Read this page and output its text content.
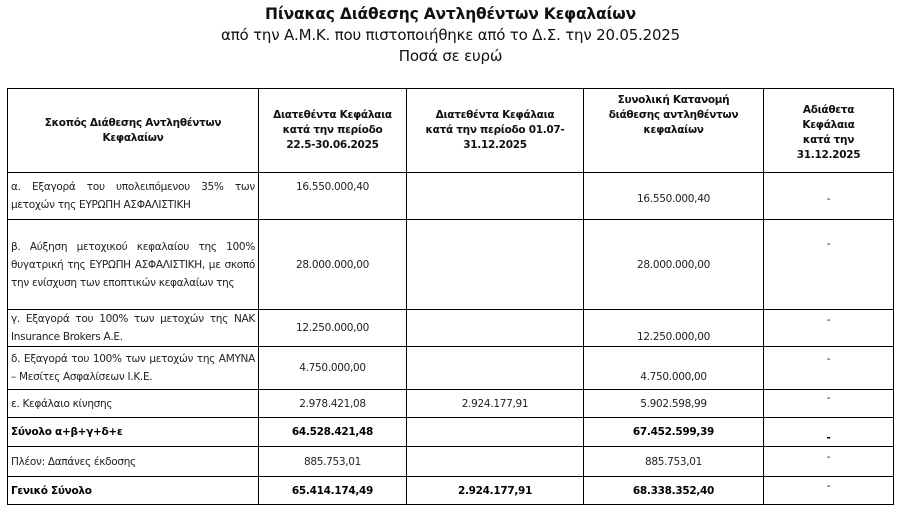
Πίνακας Διάθεσης Αντληθέντων Κεφαλαίων
από την Α.Μ.Κ. που πιστοποιήθηκε από το Δ.Σ. την 20.05.2025
Ποσά σε ευρώ
Σκοπός Διάθεσης Αντληθέντων Κεφαλαίων	Διατεθέντα Κεφάλαια κατά την περίοδο 22.5-30.06.2025	Διατεθέντα Κεφάλαια κατά την περίοδο 01.07-31.12.2025	Συνολική Κατανομή διάθεσης αντληθέντων κεφαλαίων	Αδιάθετα Κεφάλαια κατά την 31.12.2025
α. Εξαγορά του υπολειπόμενου 35% των μετοχών της ΕΥΡΩΠΗ ΑΣΦΑΛΙΣΤΙΚΗ	16.550.000,40		16.550.000,40	-
β. Αύξηση μετοχικού κεφαλαίου της 100% θυγατρική της ΕΥΡΩΠΗ ΑΣΦΑΛΙΣΤΙΚΗ, με σκοπό την ενίσχυση των εποπτικών κεφαλαίων της	28.000.000,00		28.000.000,00	-
γ. Εξαγορά του 100% των μετοχών της ΝΑΚ Insurance Brokers Α.Ε.	12.250.000,00		12.250.000,00	-
δ. Εξαγορά του 100% των μετοχών της ΑΜΥΝΑ – Μεσίτες Ασφαλίσεων Ι.Κ.Ε.	4.750.000,00		4.750.000,00	-
ε. Κεφάλαιο κίνησης	2.978.421,08	2.924.177,91	5.902.598,99	-
Σύνολο α+β+γ+δ+ε	64.528.421,48		67.452.599,39	-
Πλέον: Δαπάνες έκδοσης	885.753,01		885.753,01	-
Γενικό Σύνολο	65.414.174,49	2.924.177,91	68.338.352,40	-
